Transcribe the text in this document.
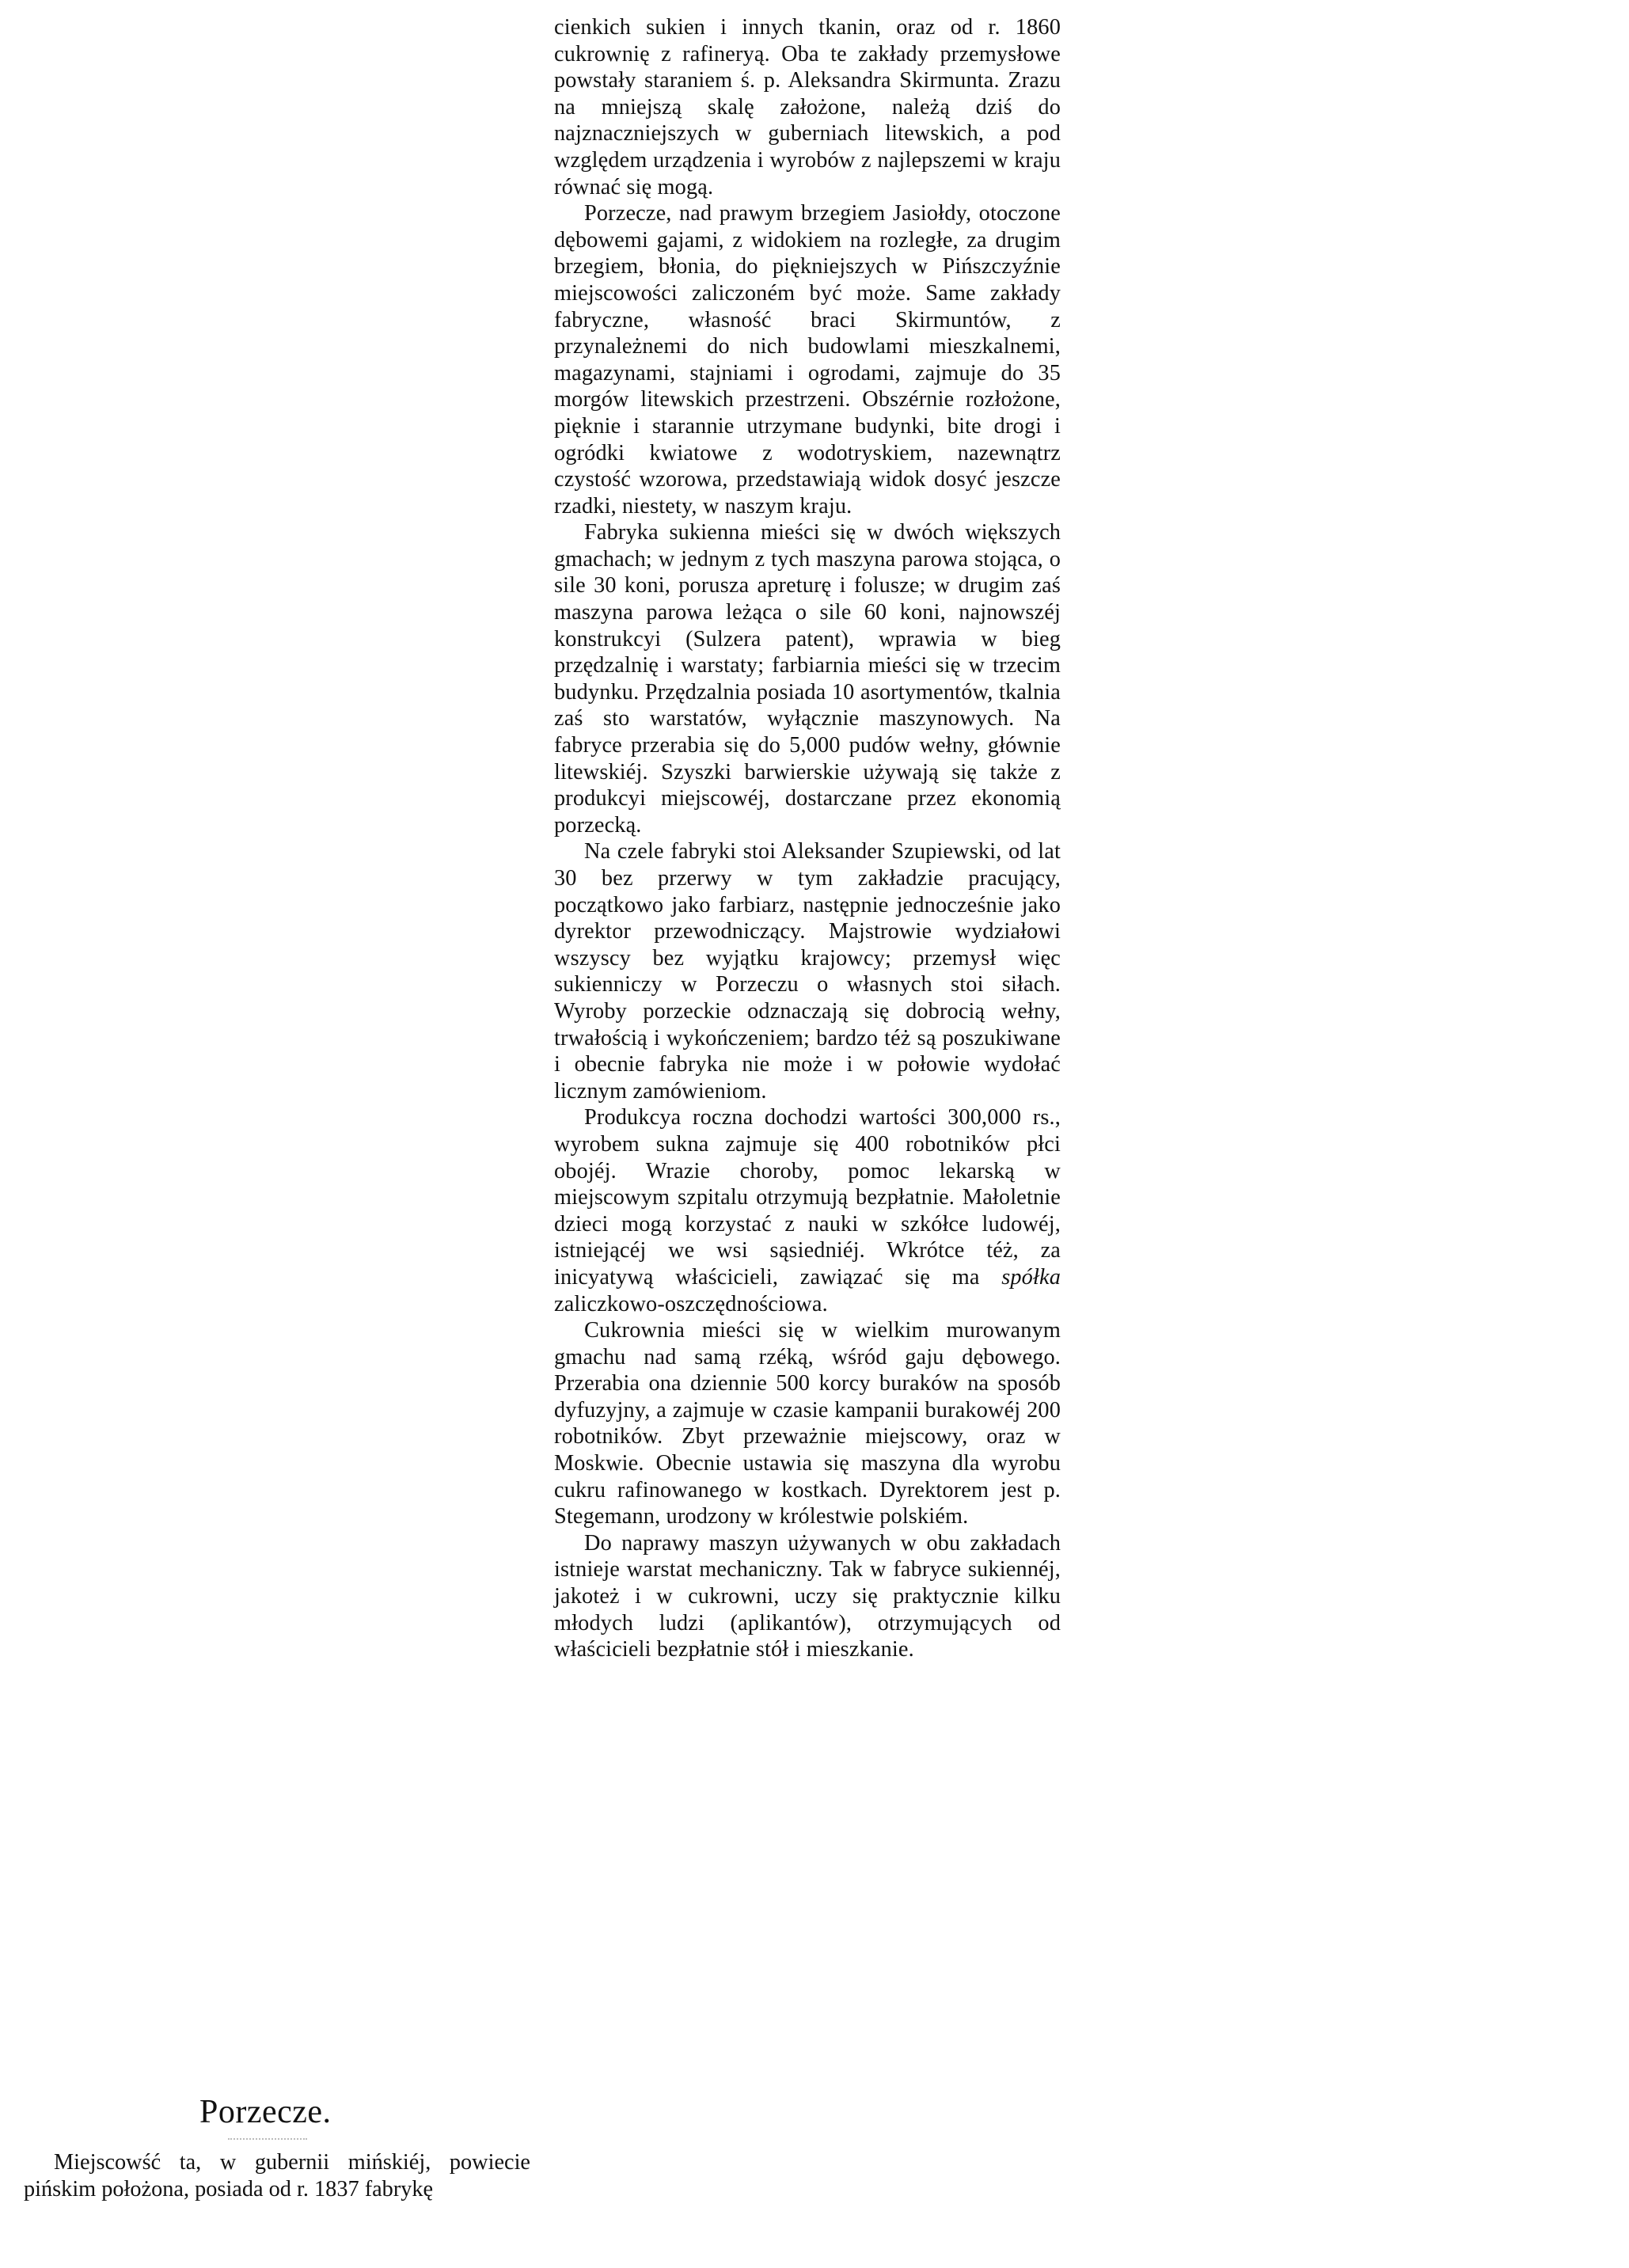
cienkich sukien i innych tkanin, oraz od r. 1860 cukrownię z rafineryą. Oba te zakłady przemysłowe powstały staraniem ś. p. Aleksandra Skirmunta. Zrazu na mniejszą skalę założone, należą dziś do najznaczniejszych w guberniach litewskich, a pod względem urządzenia i wyrobów z najlepszemi w kraju równać się mogą.

Porzecze, nad prawym brzegiem Jasiołdy, otoczone dębowemi gajami, z widokiem na rozległe, za drugim brzegiem, błonia, do piękniejszych w Pińszczyźnie miejscowości zaliczoném być może. Same zakłady fabryczne, własność braci Skirmuntów, z przynależnemi do nich budowlami mieszkalnemi, magazynami, stajniami i ogrodami, zajmuje do 35 morgów litewskich przestrzeni. Obszérnie rozłożone, pięknie i starannie utrzymane budynki, bite drogi i ogródki kwiatowe z wodotryskiem, nazewnątrz czystość wzorowa, przedstawiają widok dosyć jeszcze rzadki, niestety, w naszym kraju.

Fabryka sukienna mieści się w dwóch większych gmachach; w jednym z tych maszyna parowa stojąca, o sile 30 koni, porusza apreturę i folusze; w drugim zaś maszyna parowa leżąca o sile 60 koni, najnowszéj konstrukcyi (Sulzera patent), wprawia w bieg przędzalnię i warstaty; farbiarnia mieści się w trzecim budynku. Przędzalnia posiada 10 asortymentów, tkalnia zaś sto warstatów, wyłącznie maszynowych. Na fabryce przerabia się do 5,000 pudów wełny, głównie litewskiéj. Szyszki barwierskie używają się także z produkcyi miejscowéj, dostarczane przez ekonomią porzecką.

Na czele fabryki stoi Aleksander Szupiewski, od lat 30 bez przerwy w tym zakładzie pracujący, początkowo jako farbiarz, następnie jednocześnie jako dyrektor przewodniczący. Majstrowie wydziałowi wszyscy bez wyjątku krajowcy; przemysł więc sukienniczy w Porzeczu o własnych stoi siłach. Wyroby porzeckie odznaczają się dobrocią wełny, trwałością i wykończeniem; bardzo téż są poszukiwane i obecnie fabryka nie może i w połowie wydołać licznym zamówieniom.

Produkcya roczna dochodzi wartości 300,000 rs., wyrobem sukna zajmuje się 400 robotników płci obojéj. Wrazie choroby, pomoc lekarską w miejscowym szpitalu otrzymują bezpłatnie. Małoletnie dzieci mogą korzystać z nauki w szkółce ludowéj, istniejącéj we wsi sąsiedniéj. Wkrótce téż, za inicyatywą właścicieli, zawiązać się ma spółka zaliczkowo-oszczędnościowa.

Cukrownia mieści się w wielkim murowanym gmachu nad samą rzéką, wśród gaju dębowego. Przerabia ona dziennie 500 korcy buraków na sposób dyfuzyjny, a zajmuje w czasie kampanii burakowéj 200 robotników. Zbyt przeważnie miejscowy, oraz w Moskwie. Obecnie ustawia się maszyna dla wyrobu cukru rafinowanego w kostkach. Dyrektorem jest p. Stegemann, urodzony w królestwie polskiém.

Do naprawy maszyn używanych w obu zakładach istnieje warstat mechaniczny. Tak w fabryce sukiennéj, jakoteż i w cukrowni, uczy się praktycznie kilku młodych ludzi (aplikantów), otrzymujących od właścicieli bezpłatnie stół i mieszkanie.

Porzecze.

Miejscowść ta, w gubernii mińskiéj, powiecie pińskim położona, posiada od r. 1837 fabrykę
